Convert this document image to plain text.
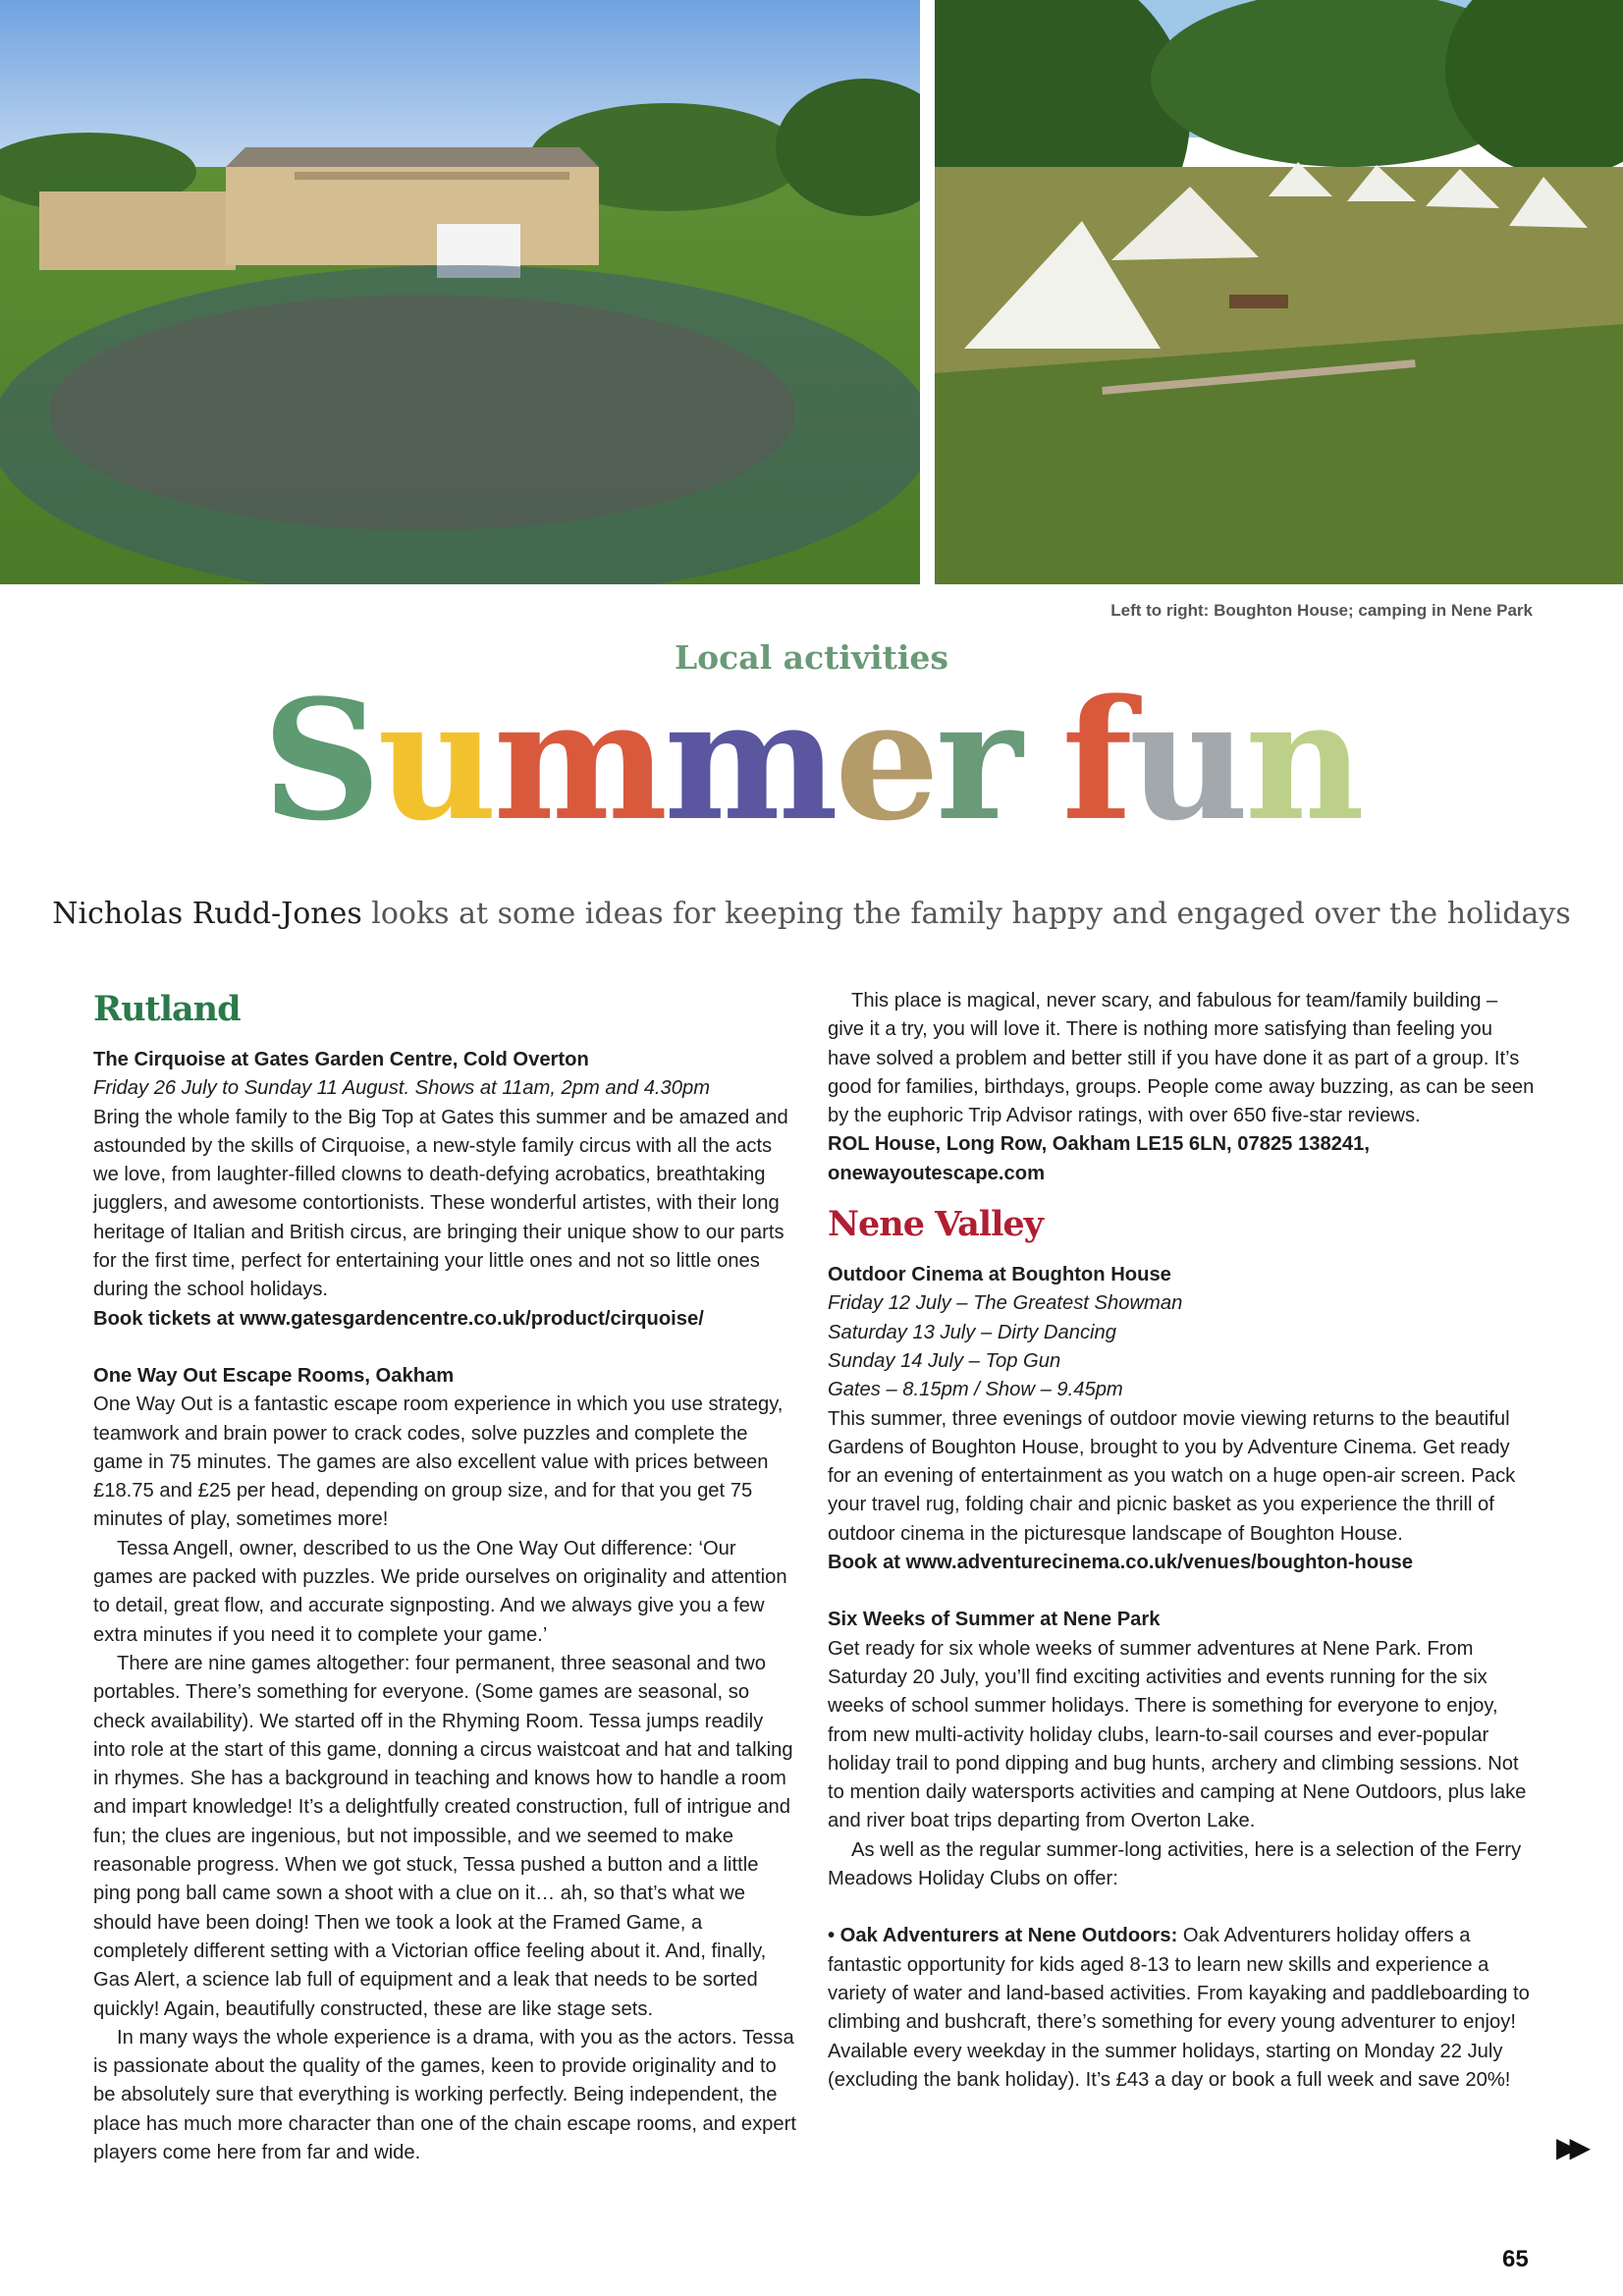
Left to right: Boughton House; camping in Nene Park
Local activities
Summer fun
Nicholas Rudd-Jones looks at some ideas for keeping the family happy and engaged over the holidays
Rutland

The Cirquoise at Gates Garden Centre, Cold Overton

Friday 26 July to Sunday 11 August. Shows at 11am, 2pm and 4.30pm

Bring the whole family to the Big Top at Gates this summer and be amazed and astounded by the skills of Cirquoise, a new-style family circus with all the acts we love, from laughter-filled clowns to death-defying acrobatics, breathtaking jugglers, and awesome contortionists. These wonderful artistes, with their long heritage of Italian and British circus, are bringing their unique show to our parts for the first time, perfect for entertaining your little ones and not so little ones during the school holidays.

Book tickets at www.gatesgardencentre.co.uk/product/cirquoise/

One Way Out Escape Rooms, Oakham

One Way Out is a fantastic escape room experience in which you use strategy, teamwork and brain power to crack codes, solve puzzles and complete the game in 75 minutes. The games are also excellent value with prices between £18.75 and £25 per head, depending on group size, and for that you get 75 minutes of play, sometimes more!

Tessa Angell, owner, described to us the One Way Out difference: ‘Our games are packed with puzzles. We pride ourselves on originality and attention to detail, great flow, and accurate signposting. And we always give you a few extra minutes if you need it to complete your game.’

There are nine games altogether: four permanent, three seasonal and two portables. There’s something for everyone. (Some games are seasonal, so check availability). We started off in the Rhyming Room. Tessa jumps readily into role at the start of this game, donning a circus waistcoat and hat and talking in rhymes. She has a background in teaching and knows how to handle a room and impart knowledge! It’s a delightfully created construction, full of intrigue and fun; the clues are ingenious, but not impossible, and we seemed to make reasonable progress. When we got stuck, Tessa pushed a button and a little ping pong ball came sown a shoot with a clue on it… ah, so that’s what we should have been doing! Then we took a look at the Framed Game, a completely different setting with a Victorian office feeling about it. And, finally, Gas Alert, a science lab full of equipment and a leak that needs to be sorted quickly! Again, beautifully constructed, these are like stage sets.

In many ways the whole experience is a drama, with you as the actors. Tessa is passionate about the quality of the games, keen to provide originality and to be absolutely sure that everything is working perfectly. Being independent, the place has much more character than one of the chain escape rooms, and expert players come here from far and wide.

This place is magical, never scary, and fabulous for team/family building – give it a try, you will love it. There is nothing more satisfying than feeling you have solved a problem and better still if you have done it as part of a group. It’s good for families, birthdays, groups. People come away buzzing, as can be seen by the euphoric Trip Advisor ratings, with over 650 five-star reviews.

ROL House, Long Row, Oakham LE15 6LN, 07825 138241, onewayoutescape.com

Nene Valley

Outdoor Cinema at Boughton House

Friday 12 July – The Greatest Showman

Saturday 13 July – Dirty Dancing

Sunday 14 July – Top Gun

Gates – 8.15pm / Show – 9.45pm

This summer, three evenings of outdoor movie viewing returns to the beautiful Gardens of Boughton House, brought to you by Adventure Cinema. Get ready for an evening of entertainment as you watch on a huge open-air screen. Pack your travel rug, folding chair and picnic basket as you experience the thrill of outdoor cinema in the picturesque landscape of Boughton House.

Book at www.adventurecinema.co.uk/venues/boughton-house

Six Weeks of Summer at Nene Park

Get ready for six whole weeks of summer adventures at Nene Park. From Saturday 20 July, you’ll find exciting activities and events running for the six weeks of school summer holidays. There is something for everyone to enjoy, from new multi-activity holiday clubs, learn-to-sail courses and ever-popular holiday trail to pond dipping and bug hunts, archery and climbing sessions. Not to mention daily watersports activities and camping at Nene Outdoors, plus lake and river boat trips departing from Overton Lake.

As well as the regular summer-long activities, here is a selection of the Ferry Meadows Holiday Clubs on offer:

• Oak Adventurers at Nene Outdoors: Oak Adventurers holiday offers a fantastic opportunity for kids aged 8-13 to learn new skills and experience a variety of water and land-based activities. From kayaking and paddleboarding to climbing and bushcraft, there’s something for every young adventurer to enjoy! Available every weekday in the summer holidays, starting on Monday 22 July (excluding the bank holiday). It’s £43 a day or book a full week and save 20%!

▶▶
65
